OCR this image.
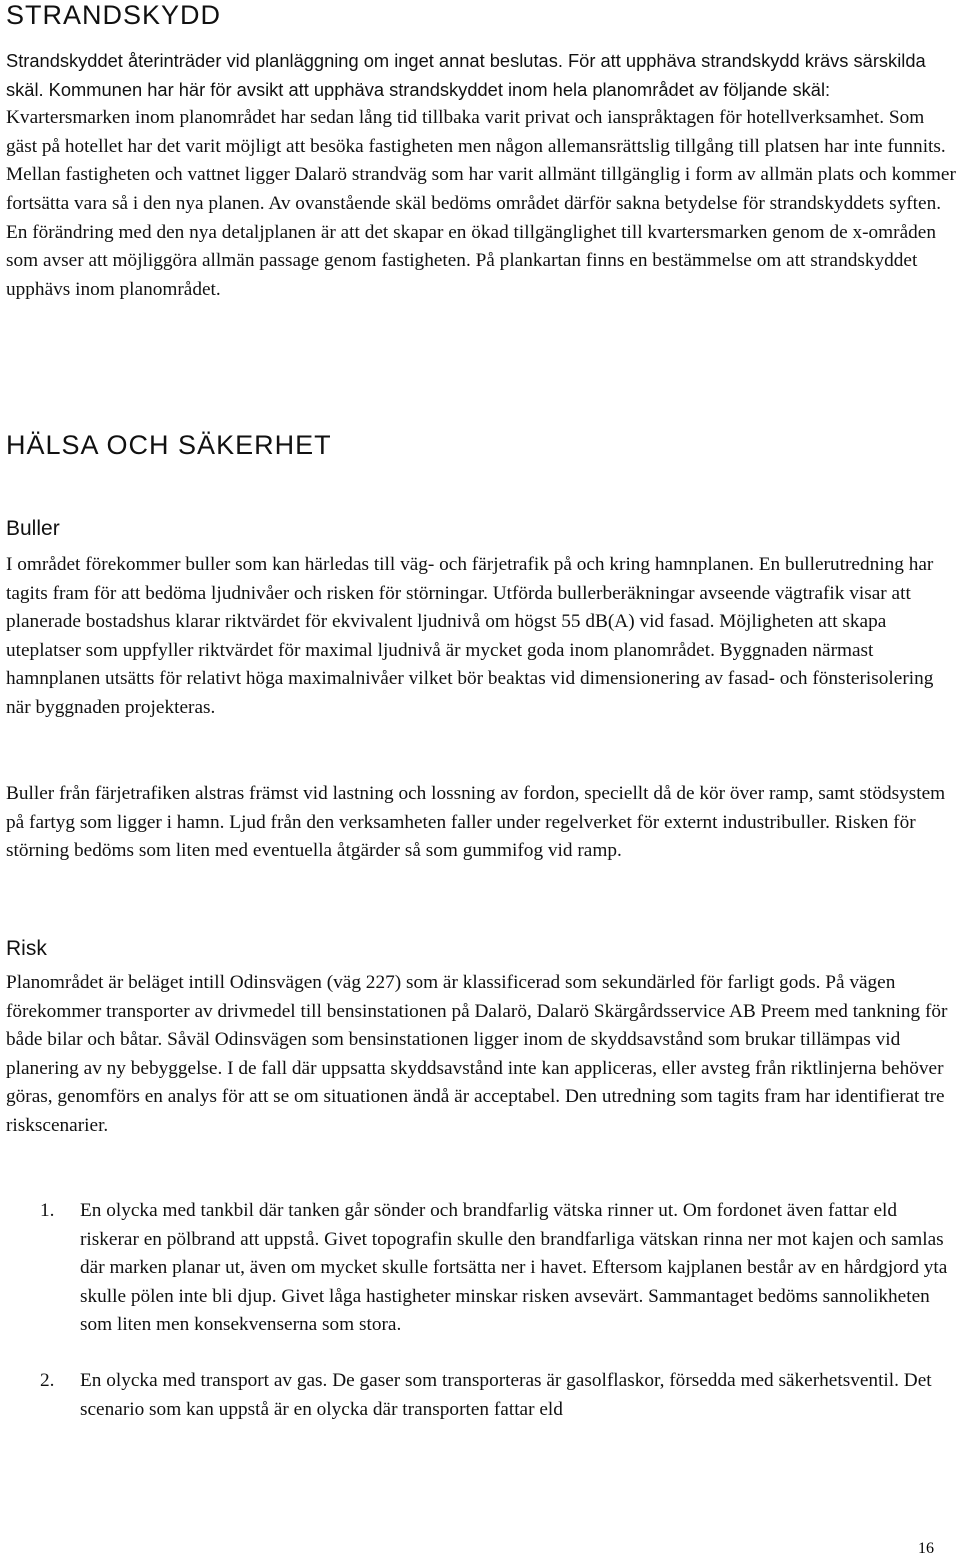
STRANDSKYDD

Strandskyddet återinträder vid planläggning om inget annat beslutas. För att upphäva strandskydd krävs särskilda skäl. Kommunen har här för avsikt att upphäva strandskyddet inom hela planområdet av följande skäl:

Kvartersmarken inom planområdet har sedan lång tid tillbaka varit privat och ianspråktagen för hotellverksamhet. Som gäst på hotellet har det varit möjligt att besöka fastigheten men någon allemansrättslig tillgång till platsen har inte funnits. Mellan fastigheten och vattnet ligger Dalarö strandväg som har varit allmänt tillgänglig i form av allmän plats och kommer fortsätta vara så i den nya planen. Av ovanstående skäl bedöms området därför sakna betydelse för strandskyddets syften. En förändring med den nya detaljplanen är att det skapar en ökad tillgänglighet till kvartersmarken genom de x-områden som avser att möjliggöra allmän passage genom fastigheten. På plankartan finns en bestämmelse om att strandskyddet upphävs inom planområdet.

HÄLSA OCH SÄKERHET
Buller

I området förekommer buller som kan härledas till väg- och färjetrafik på och kring hamnplanen. En bullerutredning har tagits fram för att bedöma ljudnivåer och risken för störningar. Utförda bullerberäkningar avseende vägtrafik visar att planerade bostadshus klarar riktvärdet för ekvivalent ljudnivå om högst 55 dB(A) vid fasad. Möjligheten att skapa uteplatser som uppfyller riktvärdet för maximal ljudnivå är mycket goda inom planområdet. Byggnaden närmast hamnplanen utsätts för relativt höga maximalnivåer vilket bör beaktas vid dimensionering av fasad- och fönsterisolering när byggnaden projekteras.

Buller från färjetrafiken alstras främst vid lastning och lossning av fordon, speciellt då de kör över ramp, samt stödsystem på fartyg som ligger i hamn. Ljud från den verksamheten faller under regelverket för externt industribuller. Risken för störning bedöms som liten med eventuella åtgärder så som gummifog vid ramp.

Risk

Planområdet är beläget intill Odinsvägen (väg 227) som är klassificerad som sekundärled för farligt gods. På vägen förekommer transporter av drivmedel till bensinstationen på Dalarö, Dalarö Skärgårdsservice AB Preem med tankning för både bilar och båtar. Såväl Odinsvägen som bensinstationen ligger inom de skyddsavstånd som brukar tillämpas vid planering av ny bebyggelse. I de fall där uppsatta skyddsavstånd inte kan appliceras, eller avsteg från riktlinjerna behöver göras, genomförs en analys för att se om situationen ändå är acceptabel. Den utredning som tagits fram har identifierat tre riskscenarier.

1. En olycka med tankbil där tanken går sönder och brandfarlig vätska rinner ut. Om fordonet även fattar eld riskerar en pölbrand att uppstå. Givet topografin skulle den brandfarliga vätskan rinna ner mot kajen och samlas där marken planar ut, även om mycket skulle fortsätta ner i havet. Eftersom kajplanen består av en hårdgjord yta skulle pölen inte bli djup. Givet låga hastigheter minskar risken avsevärt. Sammantaget bedöms sannolikheten som liten men konsekvenserna som stora.
2. En olycka med transport av gas. De gaser som transporteras är gasolflaskor, försedda med säkerhetsventil. Det scenario som kan uppstå är en olycka där transporten fattar eld
16
